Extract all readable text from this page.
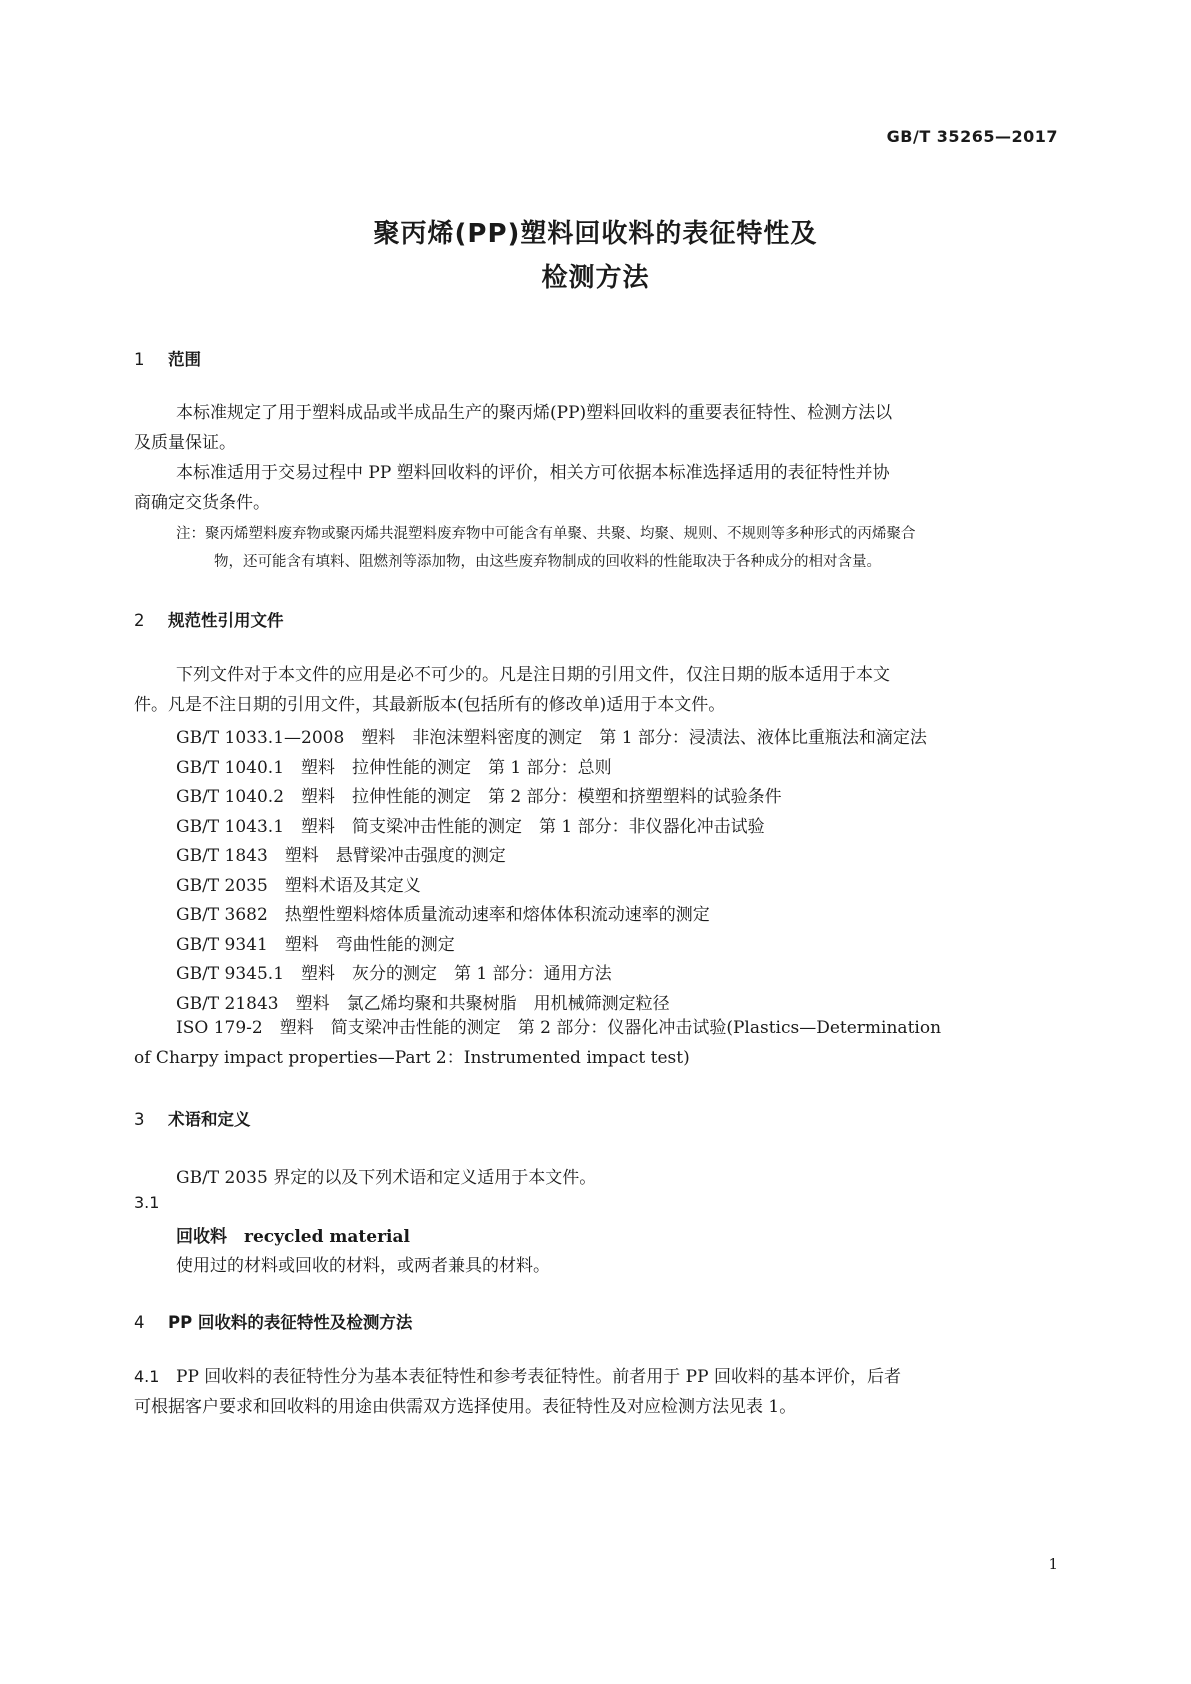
GB/T 35265—2017
聚丙烯(PP)塑料回收料的表征特性及
检测方法
1 范围
本标准规定了用于塑料成品或半成品生产的聚丙烯(PP)塑料回收料的重要表征特性、检测方法以
及质量保证。
本标准适用于交易过程中 PP 塑料回收料的评价，相关方可依据本标准选择适用的表征特性并协
商确定交货条件。
注：聚丙烯塑料废弃物或聚丙烯共混塑料废弃物中可能含有单聚、共聚、均聚、规则、不规则等多种形式的丙烯聚合
物，还可能含有填料、阻燃剂等添加物，由这些废弃物制成的回收料的性能取决于各种成分的相对含量。
2 规范性引用文件
下列文件对于本文件的应用是必不可少的。凡是注日期的引用文件，仅注日期的版本适用于本文
件。凡是不注日期的引用文件，其最新版本(包括所有的修改单)适用于本文件。
GB/T 1033.1—2008　塑料　非泡沫塑料密度的测定　第 1 部分：浸渍法、液体比重瓶法和滴定法
GB/T 1040.1　塑料　拉伸性能的测定　第 1 部分：总则
GB/T 1040.2　塑料　拉伸性能的测定　第 2 部分：模塑和挤塑塑料的试验条件
GB/T 1043.1　塑料　简支梁冲击性能的测定　第 1 部分：非仪器化冲击试验
GB/T 1843　塑料　悬臂梁冲击强度的测定
GB/T 2035　塑料术语及其定义
GB/T 3682　热塑性塑料熔体质量流动速率和熔体体积流动速率的测定
GB/T 9341　塑料　弯曲性能的测定
GB/T 9345.1　塑料　灰分的测定　第 1 部分：通用方法
GB/T 21843　塑料　氯乙烯均聚和共聚树脂　用机械筛测定粒径
ISO 179-2　塑料　简支梁冲击性能的测定　第 2 部分：仪器化冲击试验(Plastics—Determination
of Charpy impact properties—Part 2：Instrumented impact test)
3 术语和定义
GB/T 2035 界定的以及下列术语和定义适用于本文件。
3.1
回收料　recycled material
使用过的材料或回收的材料，或两者兼具的材料。
4 PP 回收料的表征特性及检测方法
4.1 PP 回收料的表征特性分为基本表征特性和参考表征特性。前者用于 PP 回收料的基本评价，后者
可根据客户要求和回收料的用途由供需双方选择使用。表征特性及对应检测方法见表 1。
1
